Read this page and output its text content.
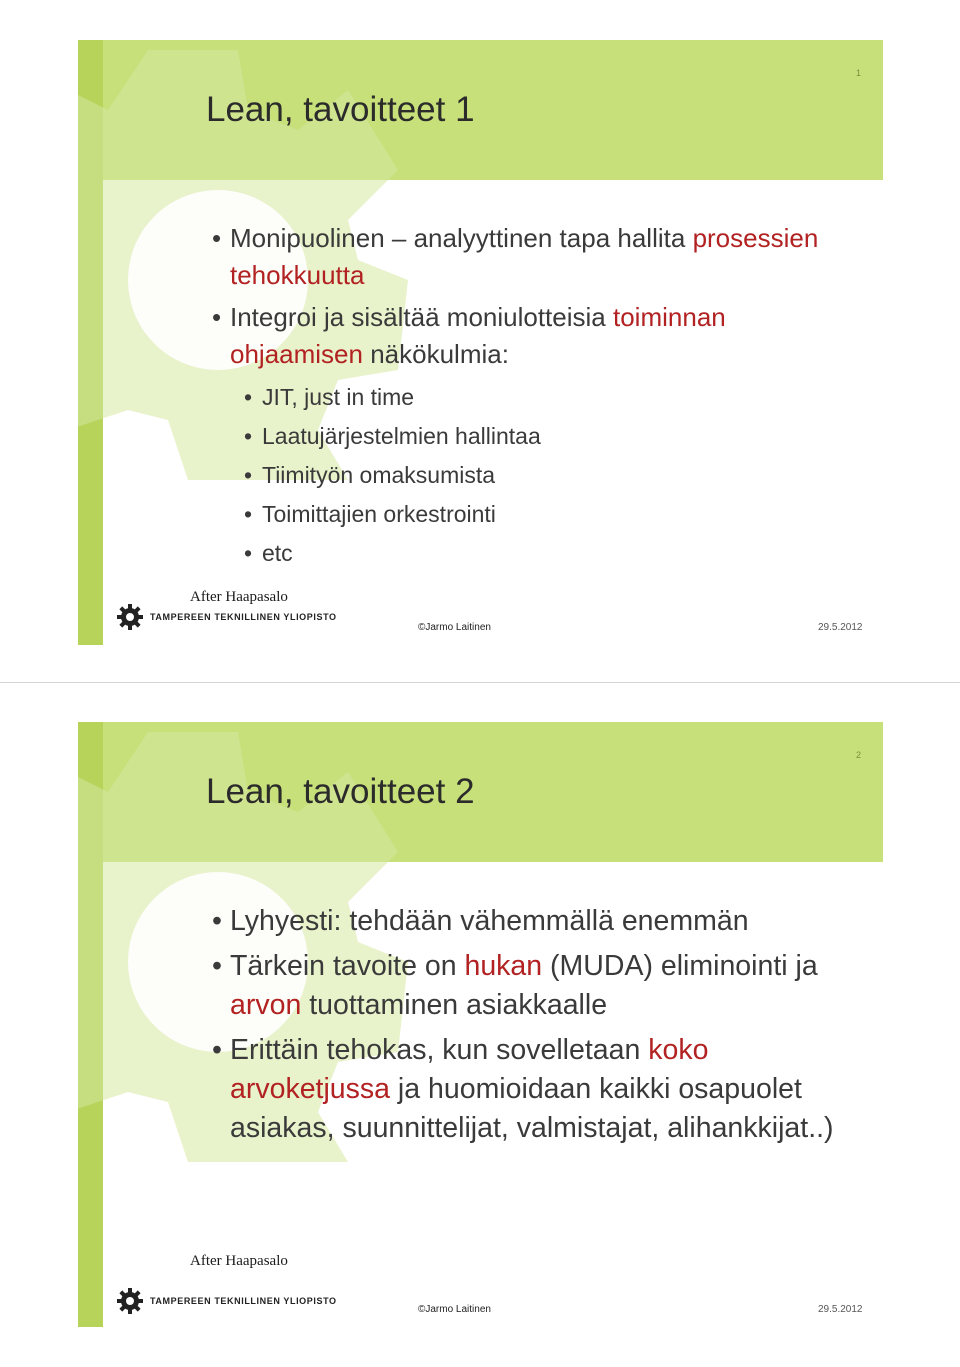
1
Lean, tavoitteet 1
• Monipuolinen – analyyttinen tapa hallita prosessien tehokkuutta
• Integroi ja sisältää moniulotteisia toiminnan ohjaamisen näkökulmia:
• JIT, just in time
• Laatujärjestelmien hallintaa
• Tiimityön omaksumista
• Toimittajien orkestrointi
• etc
After Haapasalo
TAMPEREEN TEKNILLINEN YLIOPISTO
©Jarmo Laitinen	29.5.2012
2
Lean, tavoitteet 2
• Lyhyesti: tehdään vähemmällä enemmän
• Tärkein tavoite on hukan (MUDA) eliminointi ja arvon tuottaminen asiakkaalle
• Erittäin tehokas, kun sovelletaan koko arvoketjussa ja huomioidaan kaikki osapuolet asiakas, suunnittelijat, valmistajat, alihankkijat..)
After Haapasalo
TAMPEREEN TEKNILLINEN YLIOPISTO
©Jarmo Laitinen	29.5.2012
